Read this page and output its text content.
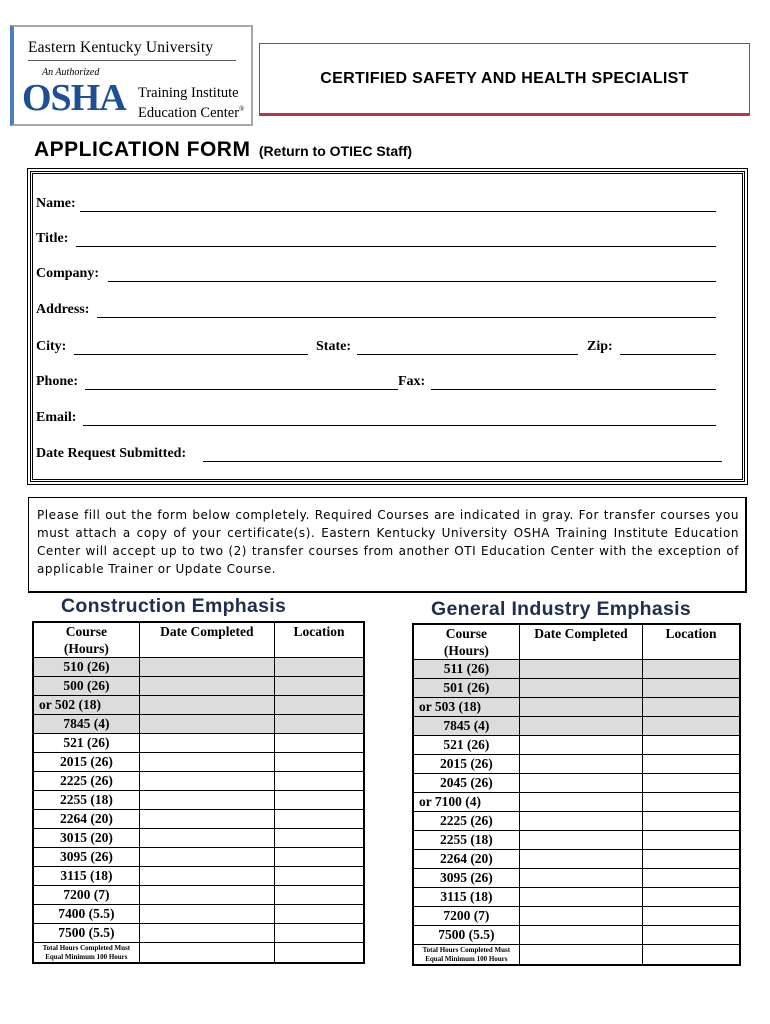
Eastern Kentucky University
An Authorized
OSHA Training Institute
Education Center®
CERTIFIED SAFETY AND HEALTH SPECIALIST
APPLICATION FORM (Return to OTIEC Staff)
Name:
Title:
Company:
Address:
City:	State:	Zip:
Phone:	Fax:
Email:
Date Request Submitted:
Please fill out the form below completely. Required Courses are indicated in gray. For transfer courses you must attach a copy of your certificate(s). Eastern Kentucky University OSHA Training Institute Education Center will accept up to two (2) transfer courses from another OTI Education Center with the exception of applicable Trainer or Update Course.
Construction Emphasis	General Industry Emphasis
Course
(Hours)	Date Completed	Location
510 (26)		
500 (26)		
or 502 (18)		
7845 (4)		
521 (26)		
2015 (26)		
2225 (26)		
2255 (18)		
2264 (20)		
3015 (20)		
3095 (26)		
3115 (18)		
7200 (7)		
7400 (5.5)		
7500 (5.5)		
Total Hours Completed Must Equal Minimum 100 Hours		
Course
(Hours)	Date Completed	Location
511 (26)		
501 (26)		
or 503 (18)		
7845 (4)		
521 (26)		
2015 (26)		
2045 (26)		
or 7100 (4)		
2225 (26)		
2255 (18)		
2264 (20)		
3095 (26)		
3115 (18)		
7200 (7)		
7500 (5.5)		
Total Hours Completed Must Equal Minimum 100 Hours		
